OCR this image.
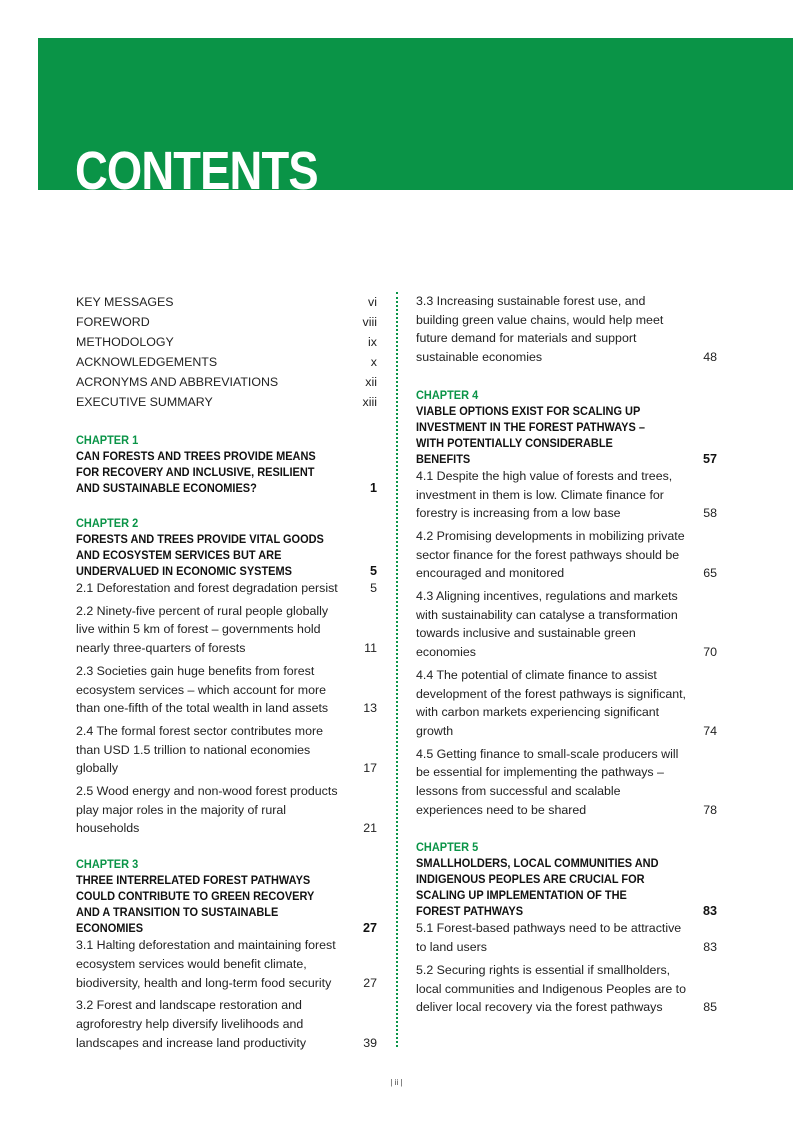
CONTENTS
KEY MESSAGES	vi
FOREWORD	viii
METHODOLOGY	ix
ACKNOWLEDGEMENTS	x
ACRONYMS AND ABBREVIATIONS	xii
EXECUTIVE SUMMARY	xiii
CHAPTER 1
CAN FORESTS AND TREES PROVIDE MEANS FOR RECOVERY AND INCLUSIVE, RESILIENT AND SUSTAINABLE ECONOMIES?	1
CHAPTER 2
FORESTS AND TREES PROVIDE VITAL GOODS AND ECOSYSTEM SERVICES BUT ARE UNDERVALUED IN ECONOMIC SYSTEMS	5
2.1 Deforestation and forest degradation persist	5
2.2 Ninety-five percent of rural people globally live within 5 km of forest – governments hold nearly three-quarters of forests	11
2.3 Societies gain huge benefits from forest ecosystem services – which account for more than one-fifth of the total wealth in land assets	13
2.4 The formal forest sector contributes more than USD 1.5 trillion to national economies globally	17
2.5 Wood energy and non-wood forest products play major roles in the majority of rural households	21
CHAPTER 3
THREE INTERRELATED FOREST PATHWAYS COULD CONTRIBUTE TO GREEN RECOVERY AND A TRANSITION TO SUSTAINABLE ECONOMIES	27
3.1 Halting deforestation and maintaining forest ecosystem services would benefit climate, biodiversity, health and long-term food security	27
3.2 Forest and landscape restoration and agroforestry help diversify livelihoods and landscapes and increase land productivity	39
3.3 Increasing sustainable forest use, and building green value chains, would help meet future demand for materials and support sustainable economies	48
CHAPTER 4
VIABLE OPTIONS EXIST FOR SCALING UP INVESTMENT IN THE FOREST PATHWAYS – WITH POTENTIALLY CONSIDERABLE BENEFITS	57
4.1 Despite the high value of forests and trees, investment in them is low. Climate finance for forestry is increasing from a low base	58
4.2 Promising developments in mobilizing private sector finance for the forest pathways should be encouraged and monitored	65
4.3 Aligning incentives, regulations and markets with sustainability can catalyse a transformation towards inclusive and sustainable green economies	70
4.4 The potential of climate finance to assist development of the forest pathways is significant, with carbon markets experiencing significant growth	74
4.5 Getting finance to small-scale producers will be essential for implementing the pathways – lessons from successful and scalable experiences need to be shared	78
CHAPTER 5
SMALLHOLDERS, LOCAL COMMUNITIES AND INDIGENOUS PEOPLES ARE CRUCIAL FOR SCALING UP IMPLEMENTATION OF THE FOREST PATHWAYS	83
5.1 Forest-based pathways need to be attractive to land users	83
5.2 Securing rights is essential if smallholders, local communities and Indigenous Peoples are to deliver local recovery via the forest pathways	85
| ii |
